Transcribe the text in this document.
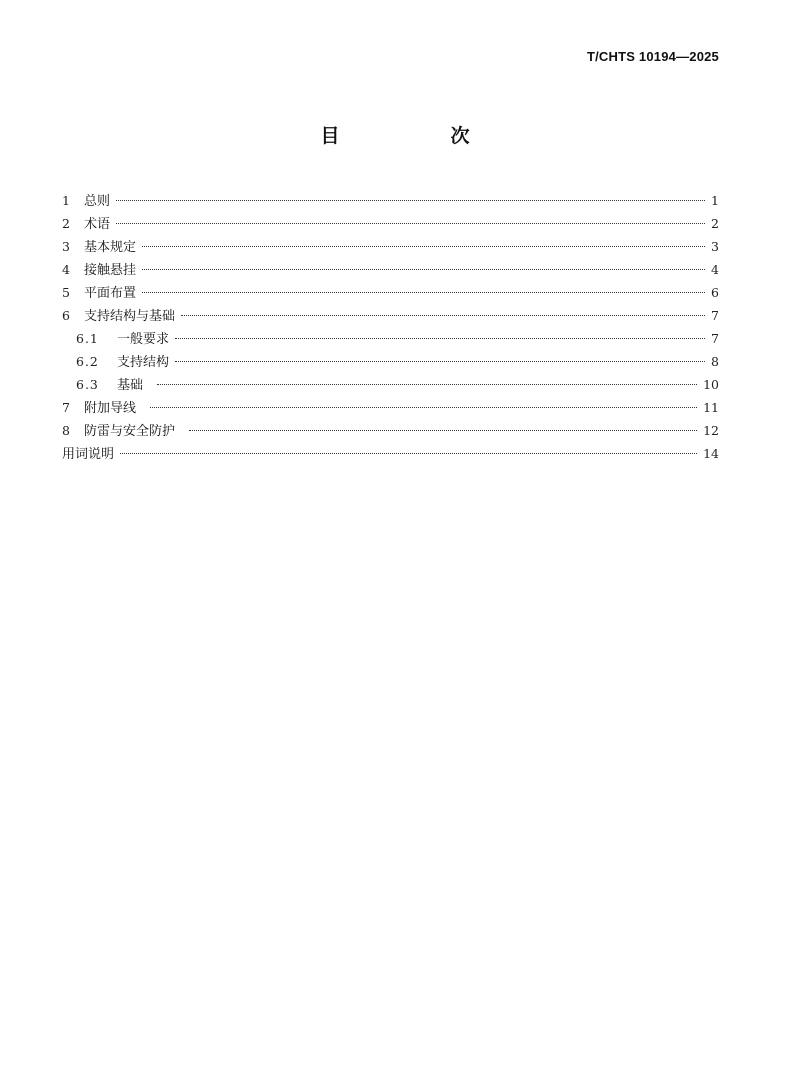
T/CHTS 10194—2025
目　次
1	总则	1
2	术语	2
3	基本规定	3
4	接触悬挂	4
5	平面布置	6
6	支持结构与基础	7
6.1	一般要求	7
6.2	支持结构	8
6.3	基础	10
7	附加导线	11
8	防雷与安全防护	12
用词说明	14
